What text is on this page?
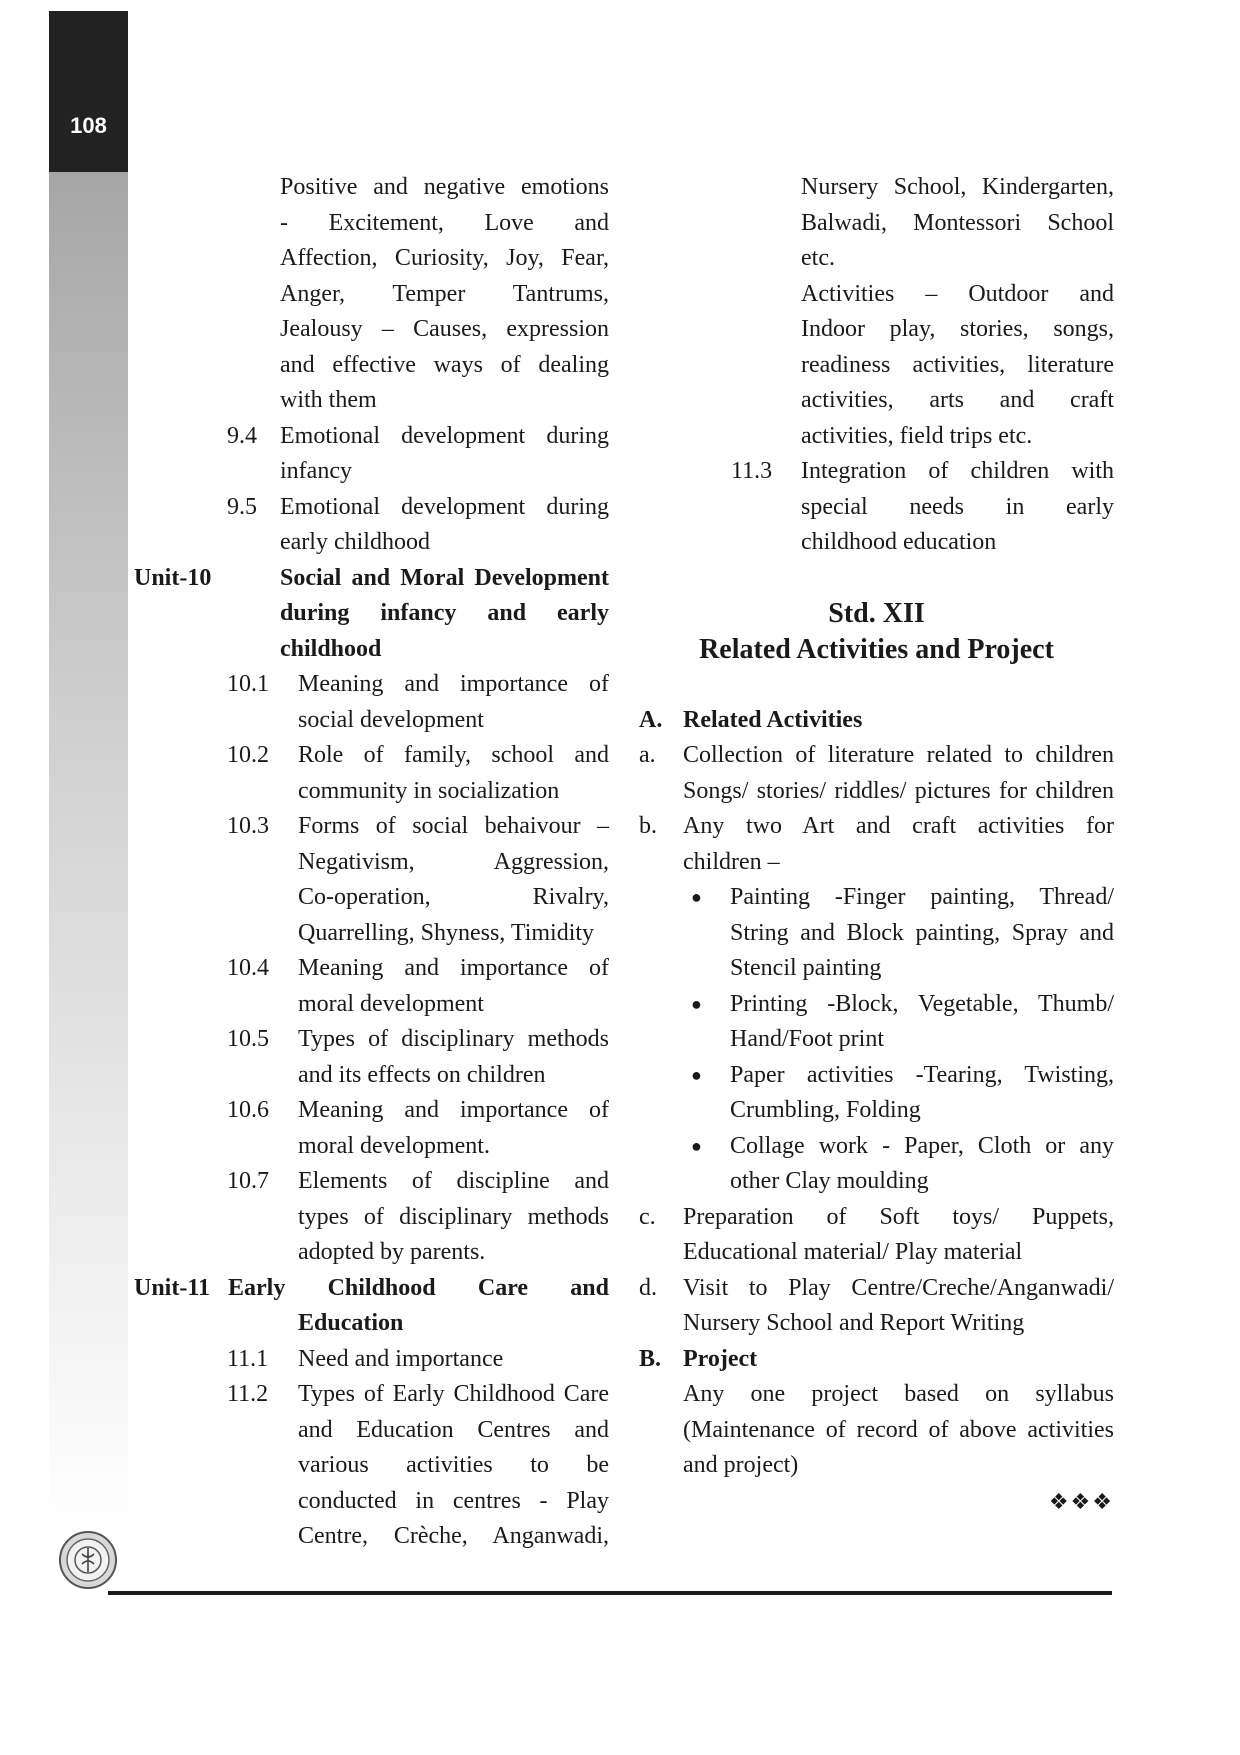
108
Positive and negative emotions
- Excitement, Love and
Affection, Curiosity, Joy, Fear,
Anger, Temper Tantrums,
Jealousy – Causes, expression
and effective ways of dealing
with them
9.4 Emotional development during
infancy
9.5 Emotional development during
early childhood
Unit-10	Social and Moral Development
during infancy and early
childhood
10.1 Meaning and importance of
social development
10.2 Role of family, school and
community in socialization
10.3 Forms of social behaivour –
Negativism, Aggression,
Co-operation, Rivalry,
Quarrelling, Shyness, Timidity
10.4 Meaning and importance of
moral development
10.5 Types of disciplinary methods
and its effects on children
10.6 Meaning and importance of
moral development.
10.7 Elements of discipline and
types of disciplinary methods
adopted by parents.
Unit-11 Early Childhood Care and
Education
11.1 Need and importance
11.2 Types of Early Childhood Care
and Education Centres and
various activities to be
conducted in centres - Play
Centre, Crèche, Anganwadi,
Nursery School, Kindergarten,
Balwadi, Montessori School
etc.
Activities – Outdoor and
Indoor play, stories, songs,
readiness activities, literature
activities, arts and craft
activities, field trips etc.
11.3 Integration of children with
special needs in early
childhood education
Std. XII
Related Activities and Project
A. Related Activities
a. Collection of literature related to children
Songs/ stories/ riddles/ pictures for children
b. Any two Art and craft activities for
children –
● Painting -Finger painting, Thread/
String and Block painting, Spray and
Stencil painting
● Printing -Block, Vegetable, Thumb/
Hand/Foot print
● Paper activities -Tearing, Twisting,
Crumbling, Folding
● Collage work - Paper, Cloth or any
other Clay moulding
c. Preparation of Soft toys/ Puppets,
Educational material/ Play material
d. Visit to Play Centre/Creche/Anganwadi/
Nursery School and Report Writing
B. Project
Any one project based on syllabus
(Maintenance of record of above activities
and project)
❖❖❖
